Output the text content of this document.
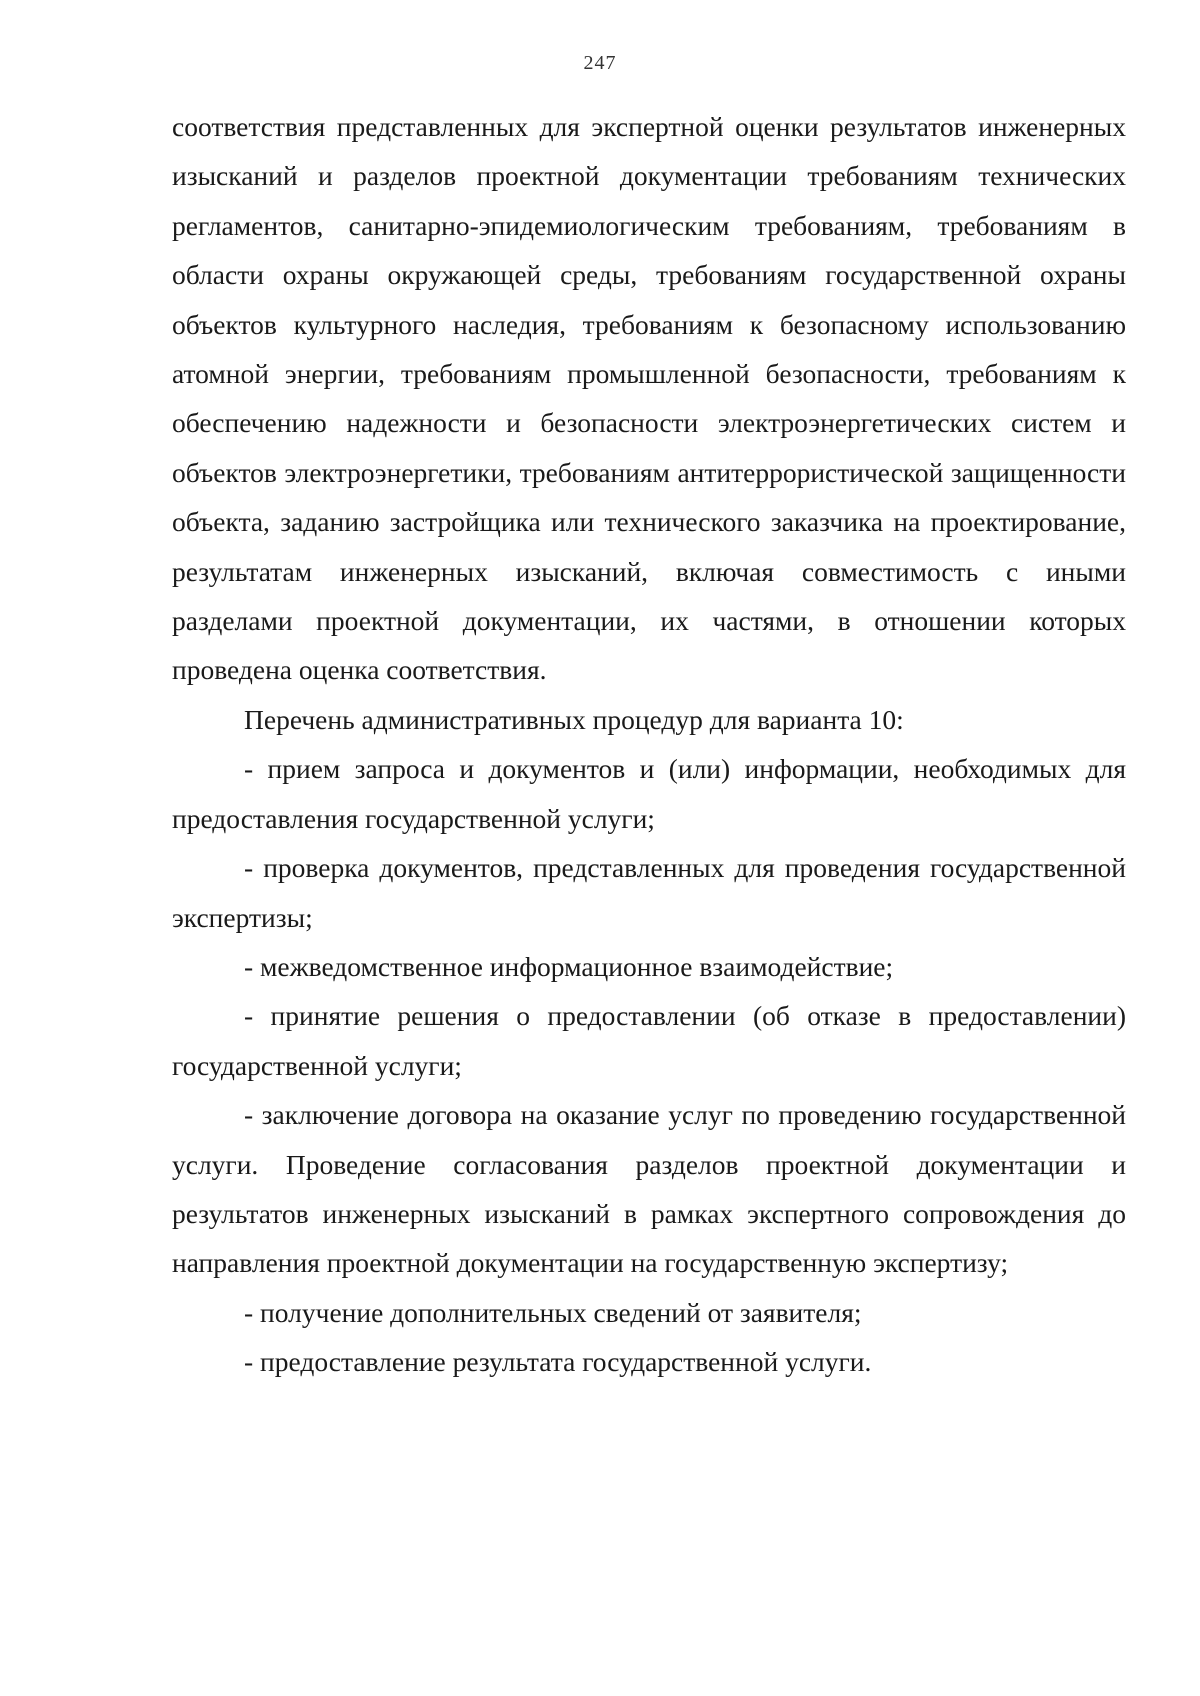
247

соответствия представленных для экспертной оценки результатов инженерных изысканий и разделов проектной документации требованиям технических регламентов, санитарно-эпидемиологическим требованиям, требованиям в области охраны окружающей среды, требованиям государственной охраны объектов культурного наследия, требованиям к безопасному использованию атомной энергии, требованиям промышленной безопасности, требованиям к обеспечению надежности и безопасности электроэнергетических систем и объектов электроэнергетики, требованиям антитеррористической защищенности объекта, заданию застройщика или технического заказчика на проектирование, результатам инженерных изысканий, включая совместимость с иными разделами проектной документации, их частями, в отношении которых проведена оценка соответствия.

Перечень административных процедур для варианта 10:

- прием запроса и документов и (или) информации, необходимых для предоставления государственной услуги;

- проверка документов, представленных для проведения государственной экспертизы;

- межведомственное информационное взаимодействие;

- принятие решения о предоставлении (об отказе в предоставлении) государственной услуги;

- заключение договора на оказание услуг по проведению государственной услуги. Проведение согласования разделов проектной документации и результатов инженерных изысканий в рамках экспертного сопровождения до направления проектной документации на государственную экспертизу;

- получение дополнительных сведений от заявителя;

- предоставление результата государственной услуги.
